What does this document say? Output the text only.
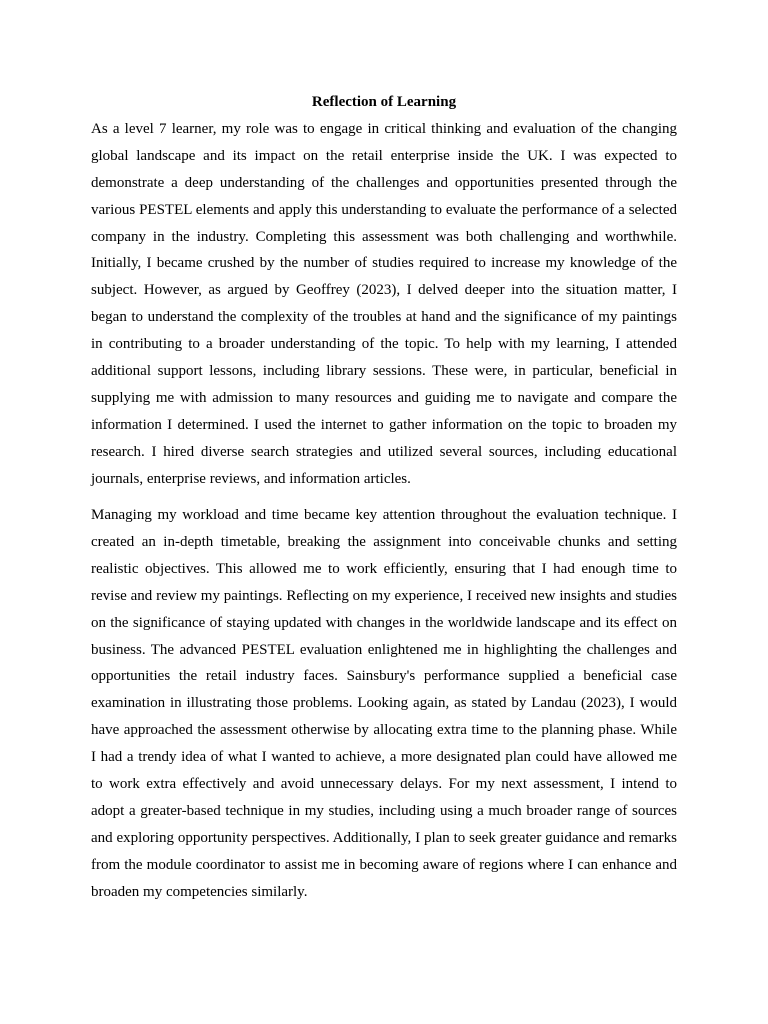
Reflection of Learning

As a level 7 learner, my role was to engage in critical thinking and evaluation of the changing
global landscape and its impact on the retail enterprise inside the UK. I was expected to
demonstrate a deep understanding of the challenges and opportunities presented through the
various PESTEL elements and apply this understanding to evaluate the performance of a selected
company in the industry. Completing this assessment was both challenging and worthwhile.
Initially, I became crushed by the number of studies required to increase my knowledge of the
subject. However, as argued by Geoffrey (2023), I delved deeper into the situation matter, I
began to understand the complexity of the troubles at hand and the significance of my paintings
in contributing to a broader understanding of the topic. To help with my learning, I attended
additional support lessons, including library sessions. These were, in particular, beneficial in
supplying me with admission to many resources and guiding me to navigate and compare the
information I determined. I used the internet to gather information on the topic to broaden my
research. I hired diverse search strategies and utilized several sources, including educational
journals, enterprise reviews, and information articles.

Managing my workload and time became key attention throughout the evaluation technique. I
created an in-depth timetable, breaking the assignment into conceivable chunks and setting
realistic objectives. This allowed me to work efficiently, ensuring that I had enough time to
revise and review my paintings. Reflecting on my experience, I received new insights and studies
on the significance of staying updated with changes in the worldwide landscape and its effect on
business. The advanced PESTEL evaluation enlightened me in highlighting the challenges and
opportunities the retail industry faces. Sainsbury's performance supplied a beneficial case
examination in illustrating those problems. Looking again, as stated by Landau (2023), I would
have approached the assessment otherwise by allocating extra time to the planning phase. While
I had a trendy idea of what I wanted to achieve, a more designated plan could have allowed me
to work extra effectively and avoid unnecessary delays. For my next assessment, I intend to
adopt a greater-based technique in my studies, including using a much broader range of sources
and exploring opportunity perspectives. Additionally, I plan to seek greater guidance and remarks
from the module coordinator to assist me in becoming aware of regions where I can enhance and
broaden my competencies similarly.
